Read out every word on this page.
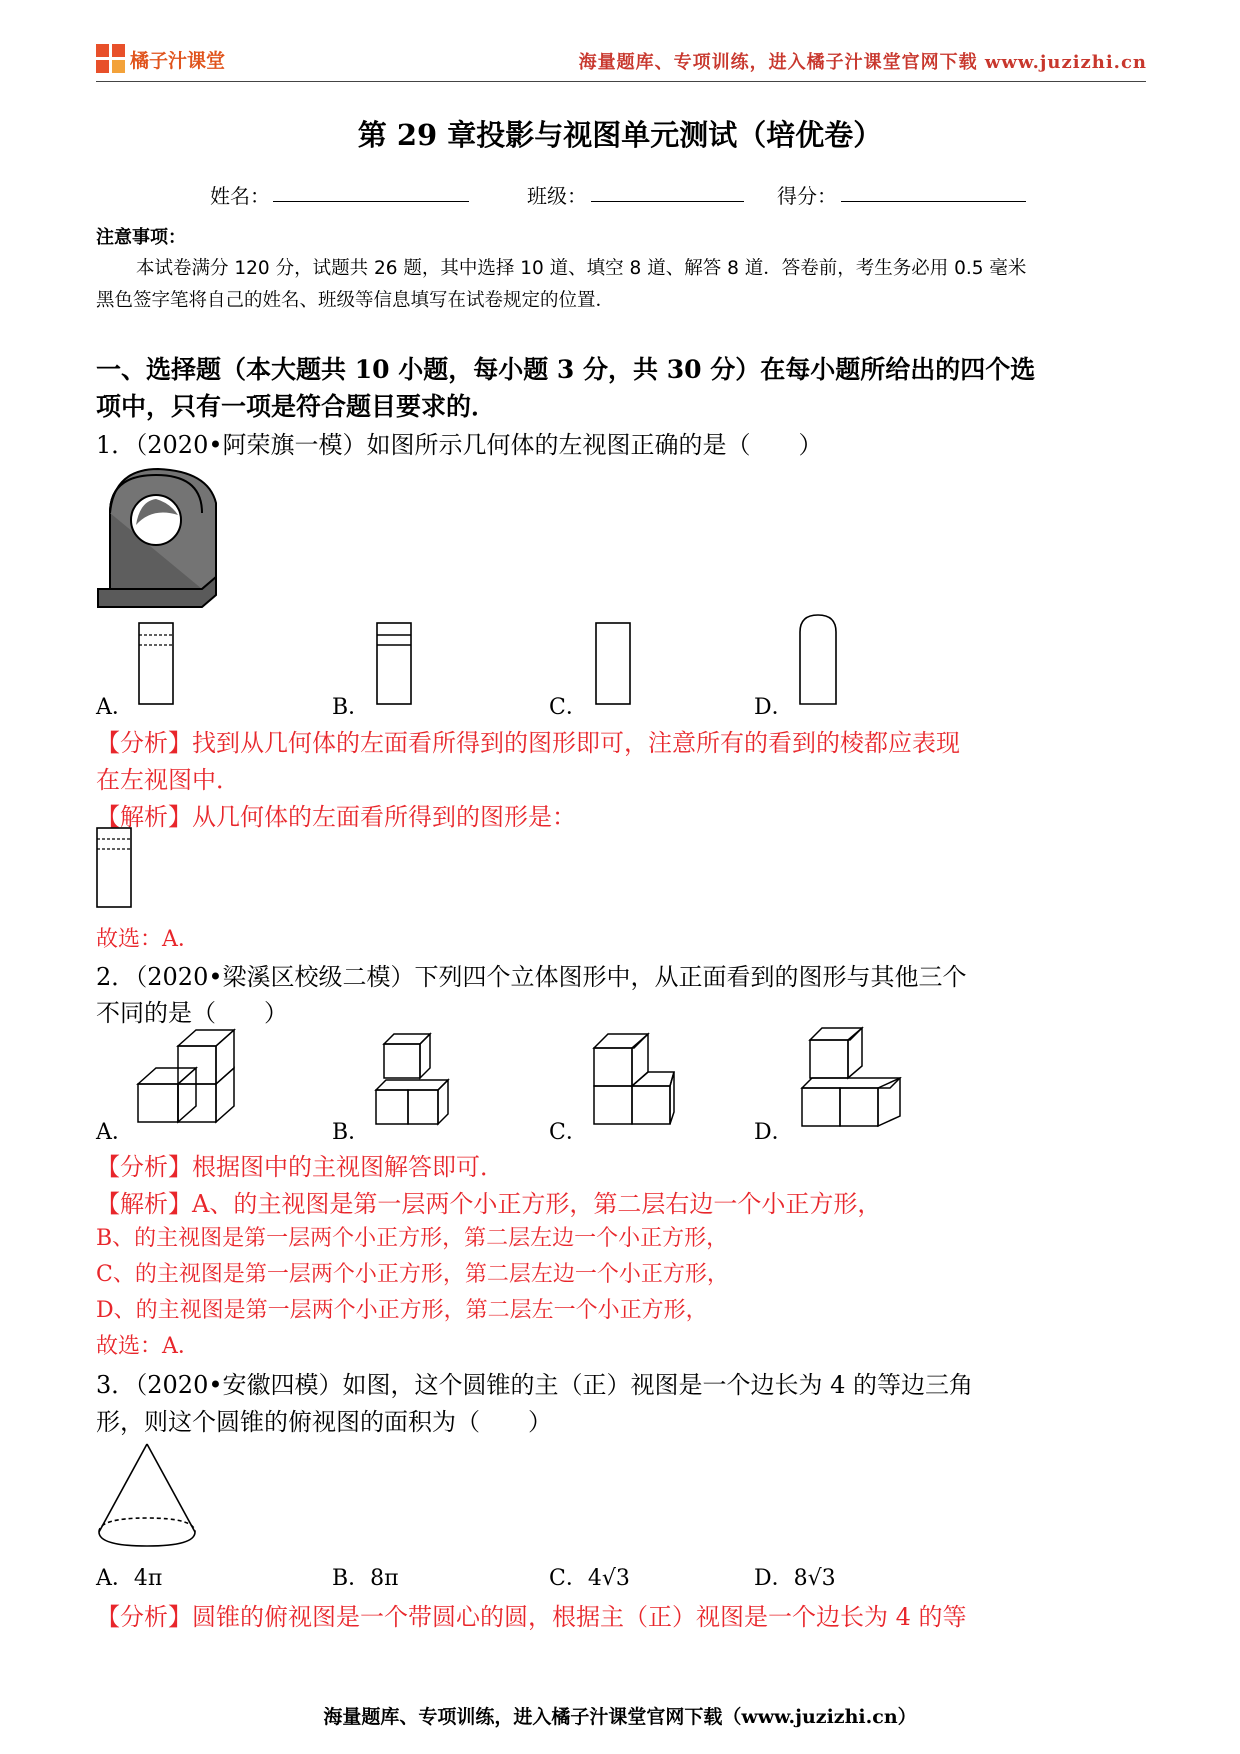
橘子汁课堂	海量题库、专项训练，进入橘子汁课堂官网下载 www.juzizhi.cn
第 29 章投影与视图单元测试（培优卷）
姓名：	班级：	得分：
注意事项：
本试卷满分 120 分，试题共 26 题，其中选择 10 道、填空 8 道、解答 8 道．答卷前，考生务必用 0.5 毫米
黑色签字笔将自己的姓名、班级等信息填写在试卷规定的位置．
一、选择题（本大题共 10 小题，每小题 3 分，共 30 分）在每小题所给出的四个选
项中，只有一项是符合题目要求的．
1．（2020•阿荣旗一模）如图所示几何体的左视图正确的是（　　）
A．	B．	C．	D．
【分析】找到从几何体的左面看所得到的图形即可，注意所有的看到的棱都应表现
在左视图中．
【解析】从几何体的左面看所得到的图形是：
故选：A．
2．（2020•梁溪区校级二模）下列四个立体图形中，从正面看到的图形与其他三个
不同的是（　　）
A．	B．	C．	D．
【分析】根据图中的主视图解答即可．
【解析】A、的主视图是第一层两个小正方形，第二层右边一个小正方形，
B、的主视图是第一层两个小正方形，第二层左边一个小正方形，
C、的主视图是第一层两个小正方形，第二层左边一个小正方形，
D、的主视图是第一层两个小正方形，第二层左一个小正方形，
故选：A．
3．（2020•安徽四模）如图，这个圆锥的主（正）视图是一个边长为 4 的等边三角
形，则这个圆锥的俯视图的面积为（　　）
A．4π	B．8π	C．4√3	D．8√3
【分析】圆锥的俯视图是一个带圆心的圆，根据主（正）视图是一个边长为 4 的等
海量题库、专项训练，进入橘子汁课堂官网下载（www.juzizhi.cn）
